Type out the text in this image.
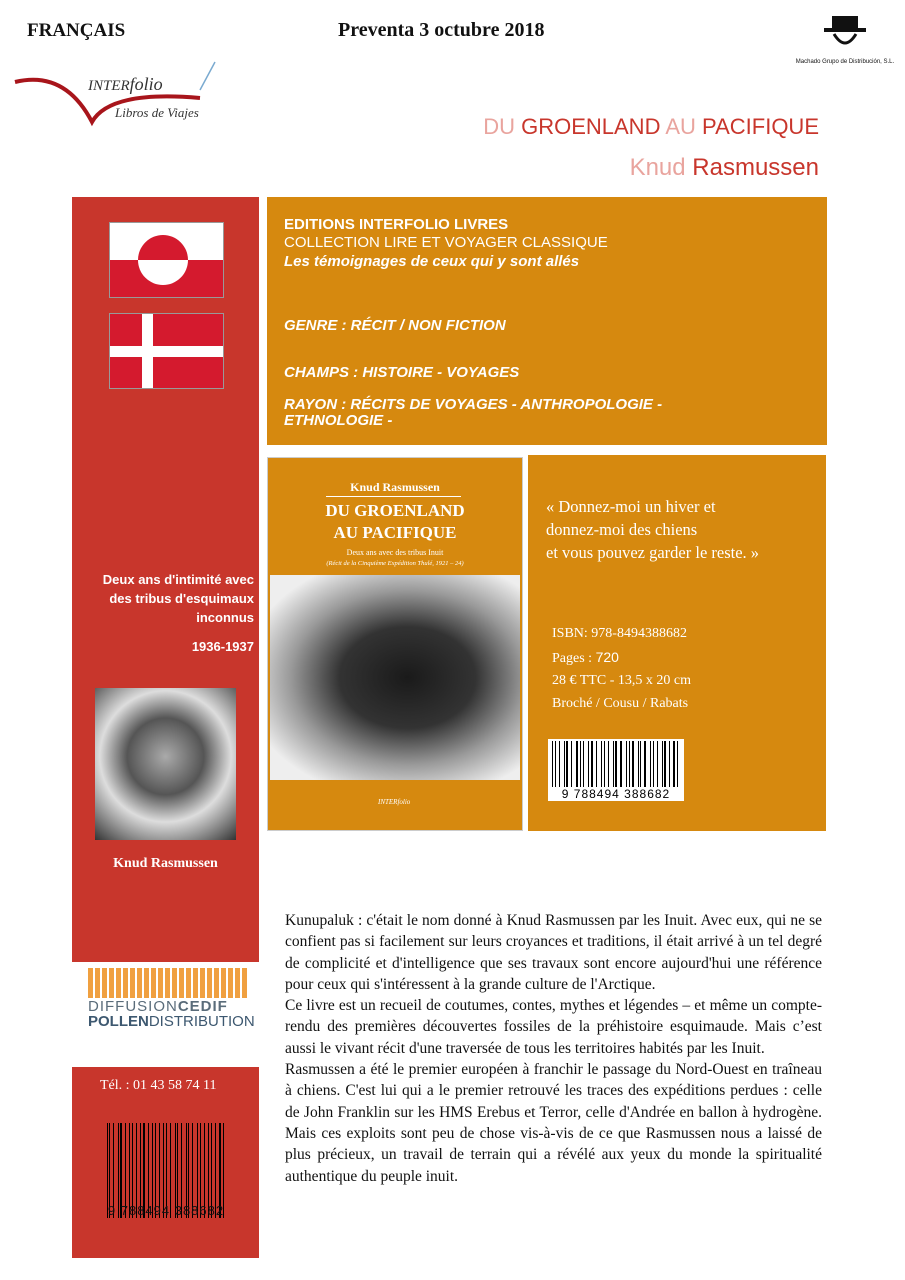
FRANÇAIS	Preventa 3 octubre 2018
INTERfolio
Libros de Viajes
Machado Grupo de Distribución, S.L.
DU GROENLAND AU PACIFIQUE
Knud Rasmussen
Deux ans d'intimité avec des tribus d'esquimaux inconnus
1936-1937
Knud Rasmussen
DIFFUSIONCEDIF
POLLENDISTRIBUTION
Tél. : 01 43 58 74 11
9 788494 388682
EDITIONS INTERFOLIO LIVRES
COLLECTION LIRE ET VOYAGER CLASSIQUE
Les témoignages de ceux qui y sont allés
GENRE : RÉCIT / NON FICTION
CHAMPS : HISTOIRE - VOYAGES
RAYON : RÉCITS DE VOYAGES - ANTHROPOLOGIE - ETHNOLOGIE -
Knud Rasmussen
DU GROENLAND
AU PACIFIQUE
Deux ans avec des tribus Inuit
(Récit de la Cinquième Expédition Thulé, 1921 – 24)
INTERfolio
« Donnez-moi un hiver et
donnez-moi des chiens
et vous pouvez garder le reste. »
ISBN: 978-8494388682
Pages : 720
28 € TTC - 13,5 x 20 cm
Broché / Cousu / Rabats
9 788494 388682

Kunupaluk : c'était le nom donné à Knud Rasmussen par les Inuit. Avec eux, qui ne se confient pas si facilement sur leurs croyances et traditions, il était arrivé à un tel degré de complicité et d'intelligence que ses travaux sont encore aujourd'hui une référence pour ceux qui s'intéressent à la grande culture de l'Arctique.

Ce livre est un recueil de coutumes, contes, mythes et légendes – et même un compte-rendu des premières découvertes fossiles de la préhistoire esquimaude. Mais c’est aussi le vivant récit d'une traversée de tous les territoires habités par les Inuit.

Rasmussen a été le premier européen à franchir le passage du Nord-Ouest en traîneau à chiens. C'est lui qui a le premier retrouvé les traces des expéditions perdues : celle de John Franklin sur les HMS Erebus et Terror, celle d'Andrée en ballon à hydrogène. Mais ces exploits sont peu de chose vis-à-vis de ce que Rasmussen nous a laissé de plus précieux, un travail de terrain qui a révélé aux yeux du monde la spiritualité authentique du peuple inuit.
